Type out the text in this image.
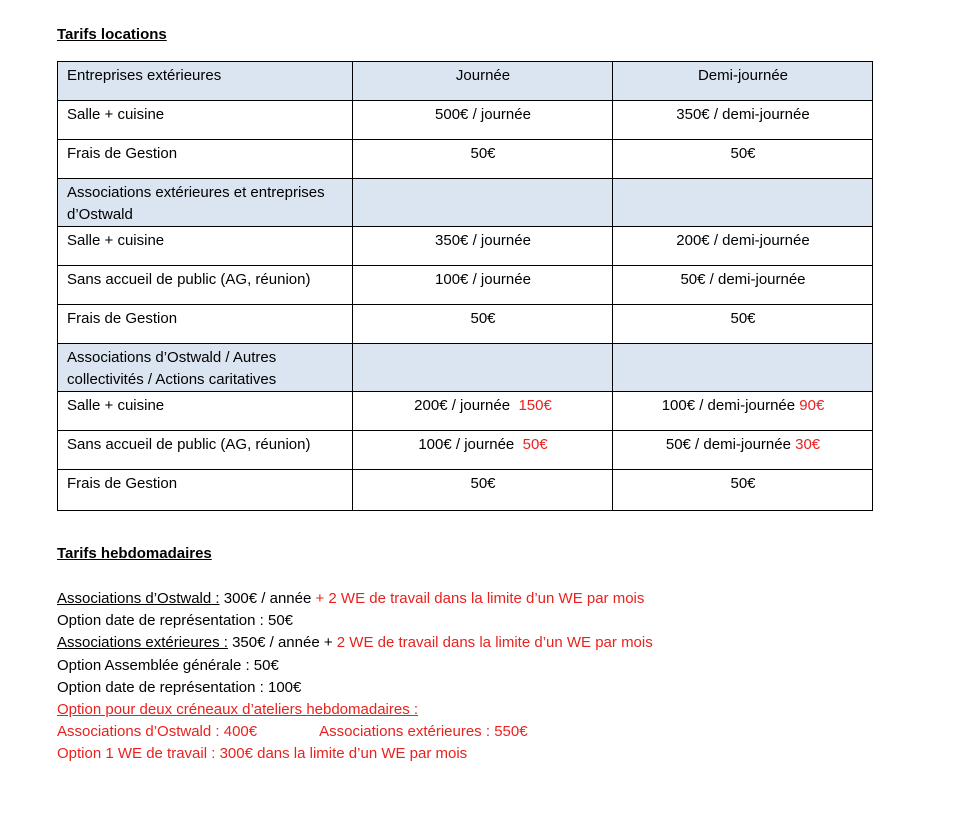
Tarifs locations
Entreprises extérieures	Journée	Demi-journée
Salle + cuisine	500€ / journée	350€ / demi-journée
Frais de Gestion	50€	50€
Associations extérieures et entreprises d’Ostwald		
Salle + cuisine	350€ / journée	200€ / demi-journée
Sans accueil de public (AG, réunion)	100€ / journée	50€ / demi-journée
Frais de Gestion	50€	50€
Associations d’Ostwald / Autres collectivités / Actions caritatives		
Salle + cuisine	200€ / journée 150€	100€ / demi-journée 90€
Sans accueil de public (AG, réunion)	100€ / journée 50€	50€ / demi-journée 30€
Frais de Gestion	50€	50€
Tarifs hebdomadaires
Associations d’Ostwald : 300€ / année + 2 WE de travail dans la limite d’un WE par mois
Option date de représentation : 50€
Associations extérieures : 350€ / année + 2 WE de travail dans la limite d’un WE par mois
Option Assemblée générale : 50€
Option date de représentation : 100€
Option pour deux créneaux d’ateliers hebdomadaires :
Associations d’Ostwald : 400€	Associations extérieures : 550€
Option 1 WE de travail : 300€ dans la limite d’un WE par mois
